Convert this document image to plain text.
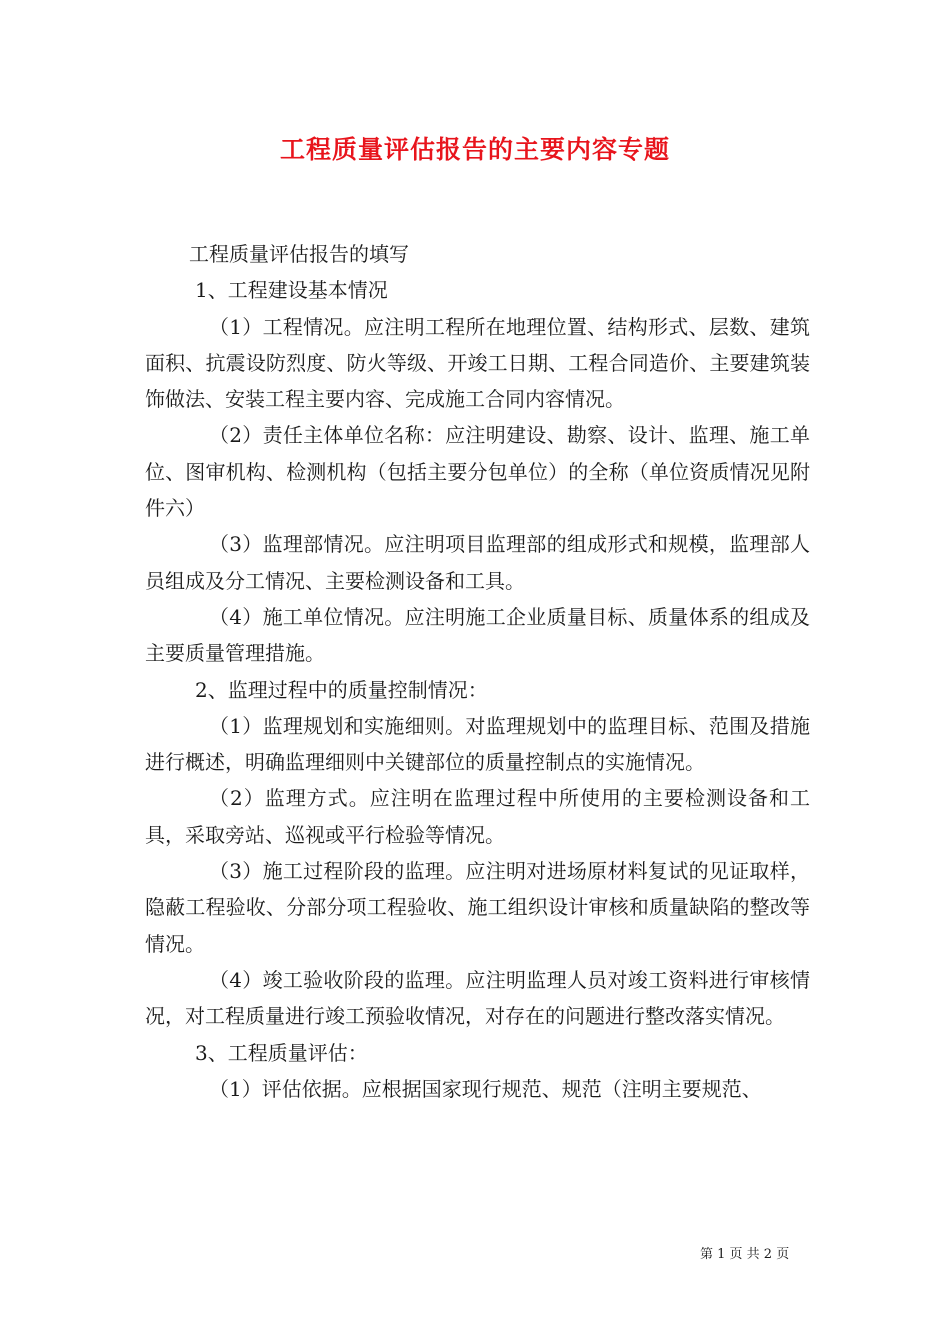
工程质量评估报告的主要内容专题

工程质量评估报告的填写

1、工程建设基本情况

（1）工程情况。应注明工程所在地理位置、结构形式、层数、建筑面积、抗震设防烈度、防火等级、开竣工日期、工程合同造价、主要建筑装饰做法、安装工程主要内容、完成施工合同内容情况。

（2）责任主体单位名称：应注明建设、勘察、设计、监理、施工单位、图审机构、检测机构（包括主要分包单位）的全称（单位资质情况见附件六）

（3）监理部情况。应注明项目监理部的组成形式和规模，监理部人员组成及分工情况、主要检测设备和工具。

（4）施工单位情况。应注明施工企业质量目标、质量体系的组成及主要质量管理措施。

2、监理过程中的质量控制情况：

（1）监理规划和实施细则。对监理规划中的监理目标、范围及措施进行概述，明确监理细则中关键部位的质量控制点的实施情况。

（2）监理方式。应注明在监理过程中所使用的主要检测设备和工具，采取旁站、巡视或平行检验等情况。

（3）施工过程阶段的监理。应注明对进场原材料复试的见证取样，隐蔽工程验收、分部分项工程验收、施工组织设计审核和质量缺陷的整改等情况。

（4）竣工验收阶段的监理。应注明监理人员对竣工资料进行审核情况，对工程质量进行竣工预验收情况，对存在的问题进行整改落实情况。

3、工程质量评估：

（1）评估依据。应根据国家现行规范、规范（注明主要规范、

第 1 页 共 2 页
